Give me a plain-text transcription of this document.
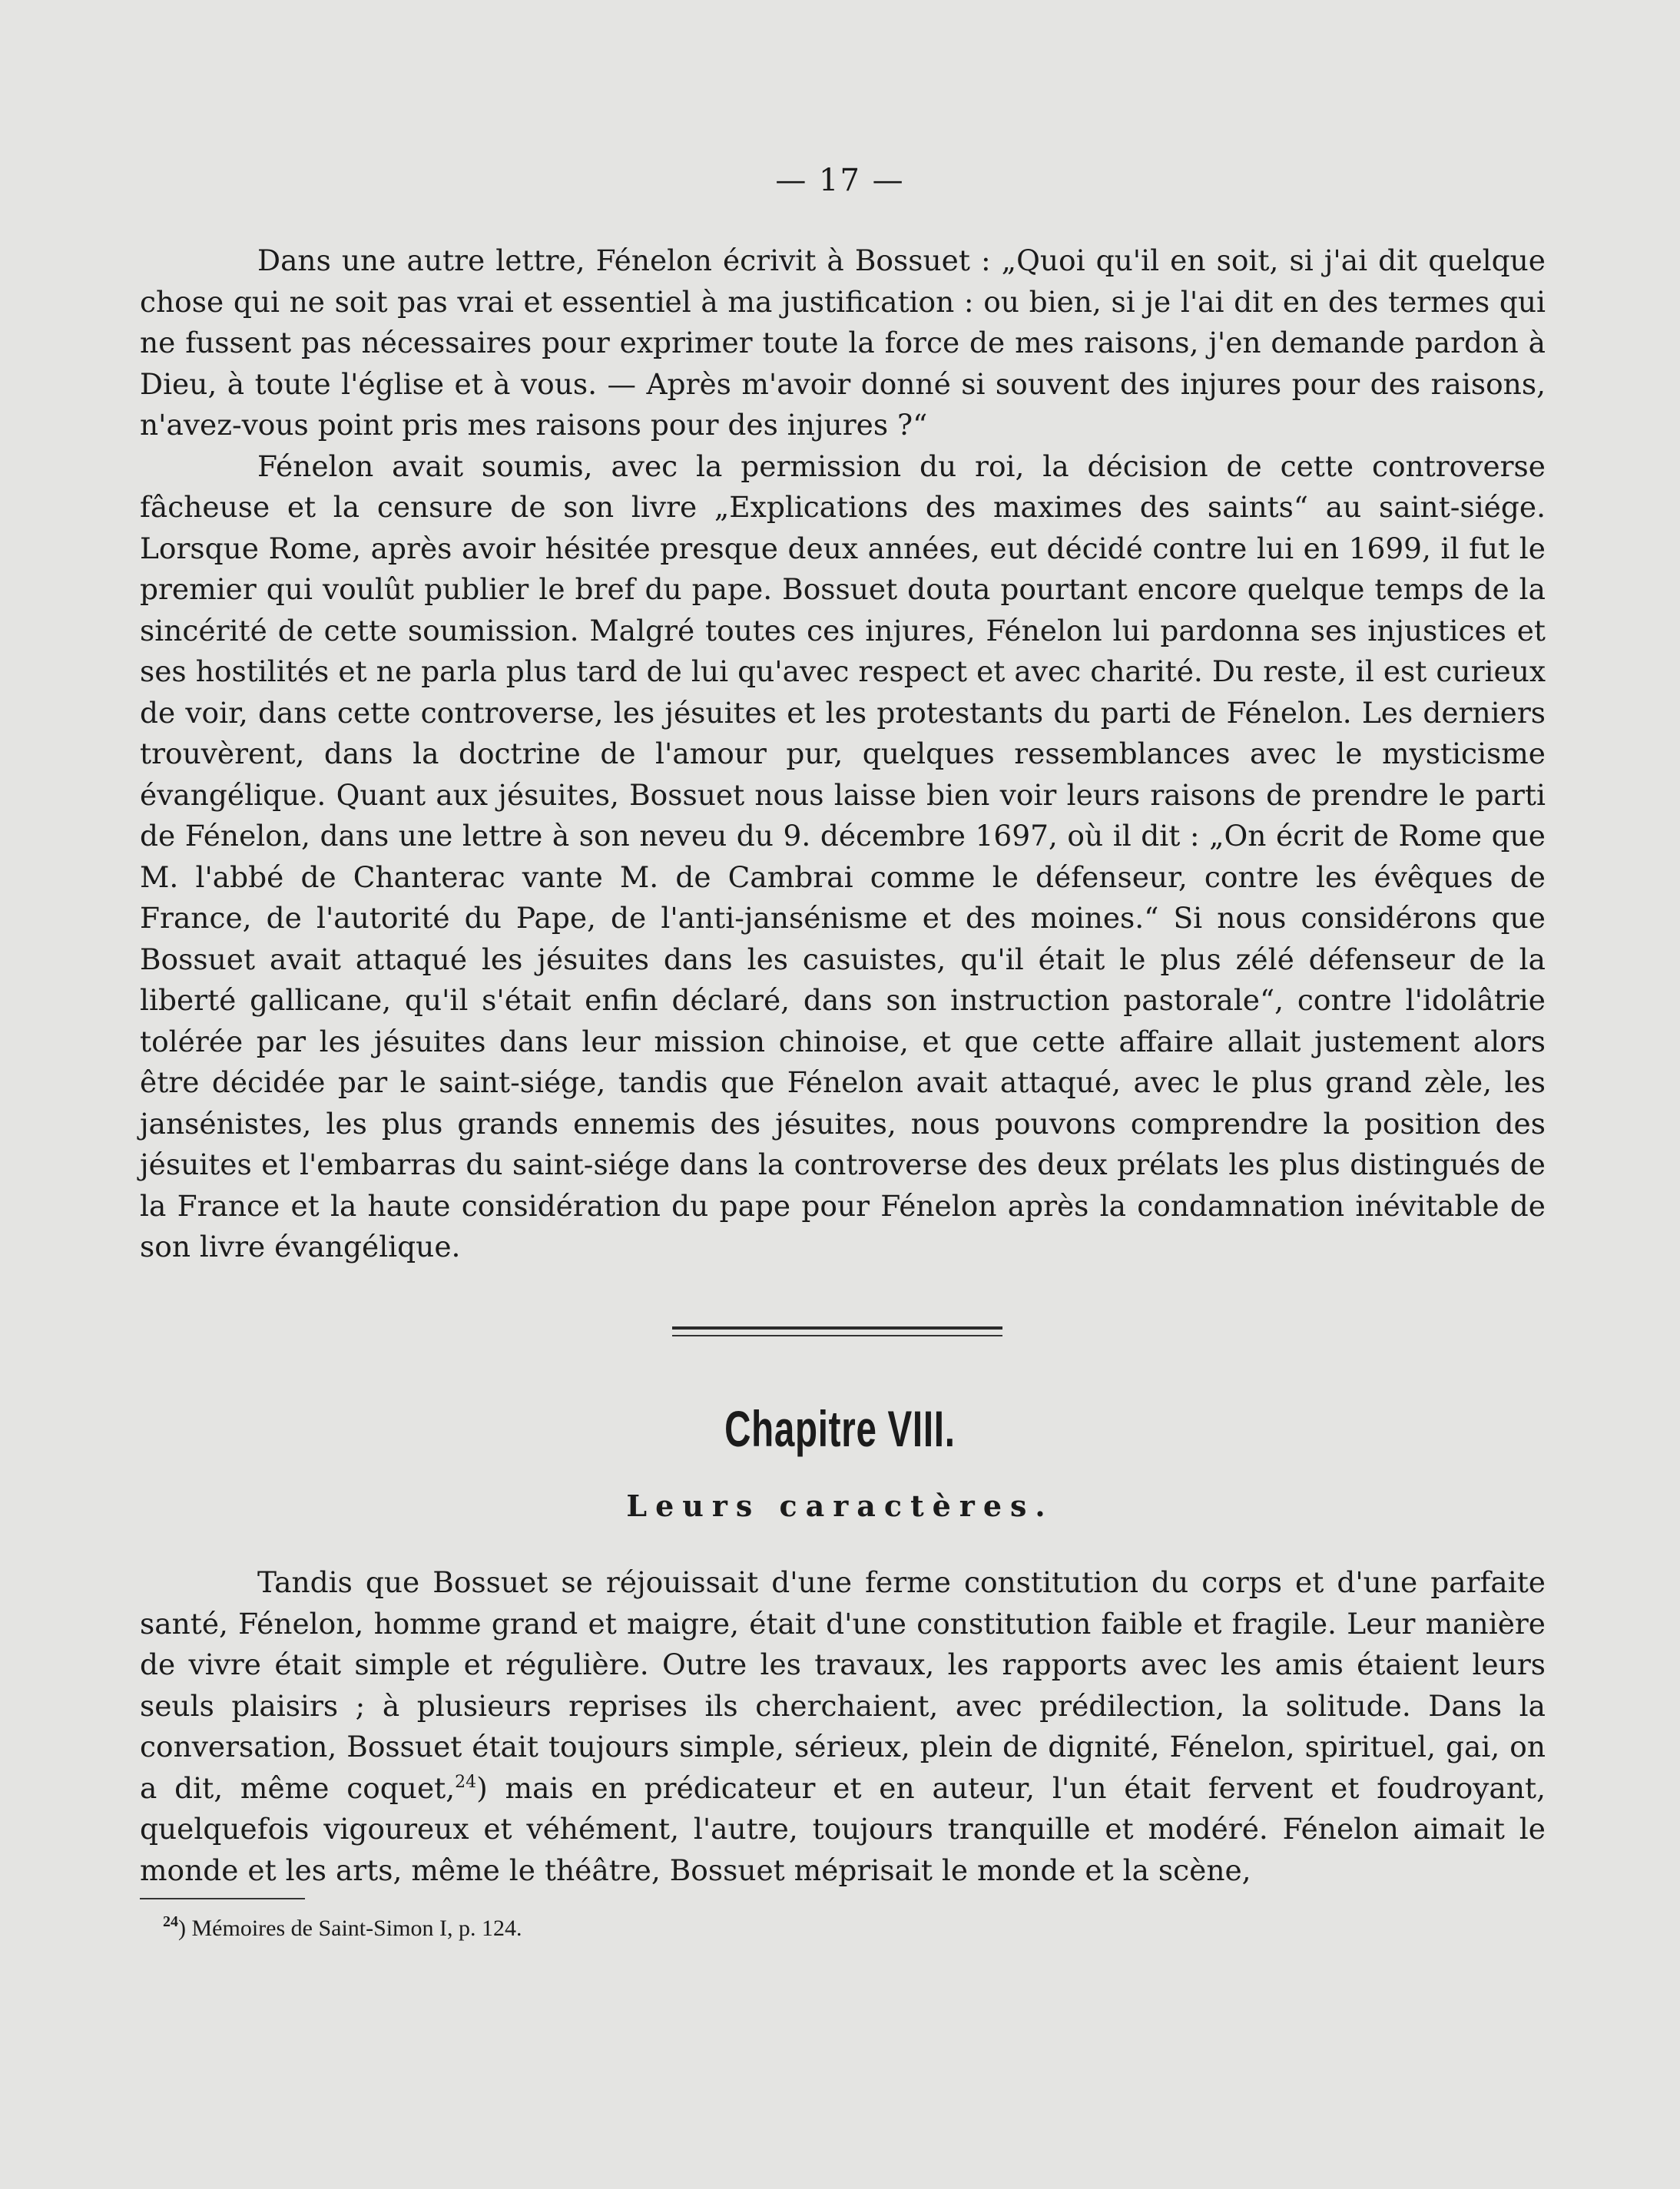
— 17 —

Dans une autre lettre, Fénelon écrivit à Bossuet : „Quoi qu'il en soit, si j'ai dit quelque chose qui ne soit pas vrai et essentiel à ma justification : ou bien, si je l'ai dit en des termes qui ne fussent pas nécessaires pour exprimer toute la force de mes raisons, j'en demande pardon à Dieu, à toute l'église et à vous. — Après m'avoir donné si souvent des injures pour des raisons, n'avez-vous point pris mes raisons pour des injures ?“

Fénelon avait soumis, avec la permission du roi, la décision de cette controverse fâcheuse et la censure de son livre „Explications des maximes des saints“ au saint-siége. Lorsque Rome, après avoir hésitée presque deux années, eut décidé contre lui en 1699, il fut le premier qui voulût publier le bref du pape. Bossuet douta pourtant encore quelque temps de la sincérité de cette soumission. Malgré toutes ces injures, Fénelon lui pardonna ses injustices et ses hostilités et ne parla plus tard de lui qu'avec respect et avec charité. Du reste, il est curieux de voir, dans cette controverse, les jésuites et les protestants du parti de Fénelon. Les derniers trouvèrent, dans la doctrine de l'amour pur, quelques ressemblances avec le mysticisme évangélique. Quant aux jésuites, Bossuet nous laisse bien voir leurs raisons de prendre le parti de Fénelon, dans une lettre à son neveu du 9. décembre 1697, où il dit : „On écrit de Rome que M. l'abbé de Chanterac vante M. de Cambrai comme le défenseur, contre les évêques de France, de l'autorité du Pape, de l'anti-jansénisme et des moines.“ Si nous considérons que Bossuet avait attaqué les jésuites dans les casuistes, qu'il était le plus zélé défenseur de la liberté gallicane, qu'il s'était enfin déclaré, dans son instruction pastorale“, contre l'idolâtrie tolérée par les jésuites dans leur mission chinoise, et que cette affaire allait justement alors être décidée par le saint-siége, tandis que Fénelon avait attaqué, avec le plus grand zèle, les jansénistes, les plus grands ennemis des jésuites, nous pouvons comprendre la position des jésuites et l'embarras du saint-siége dans la controverse des deux prélats les plus distingués de la France et la haute considération du pape pour Fénelon après la condamnation inévitable de son livre évangélique.

Chapitre VIII.
Leurs caractères.

Tandis que Bossuet se réjouissait d'une ferme constitution du corps et d'une parfaite santé, Fénelon, homme grand et maigre, était d'une constitution faible et fragile. Leur manière de vivre était simple et régulière. Outre les travaux, les rapports avec les amis étaient leurs seuls plaisirs ; à plusieurs reprises ils cherchaient, avec prédilection, la solitude. Dans la conversation, Bossuet était toujours simple, sérieux, plein de dignité, Fénelon, spirituel, gai, on a dit, même coquet,$^{24}$) mais en prédicateur et en auteur, l'un était fervent et foudroyant, quelquefois vigoureux et véhément, l'autre, toujours tranquille et modéré. Fénelon aimait le monde et les arts, même le théâtre, Bossuet méprisait le monde et la scène,

$^{24}$) Mémoires de Saint-Simon I, p. 124.
